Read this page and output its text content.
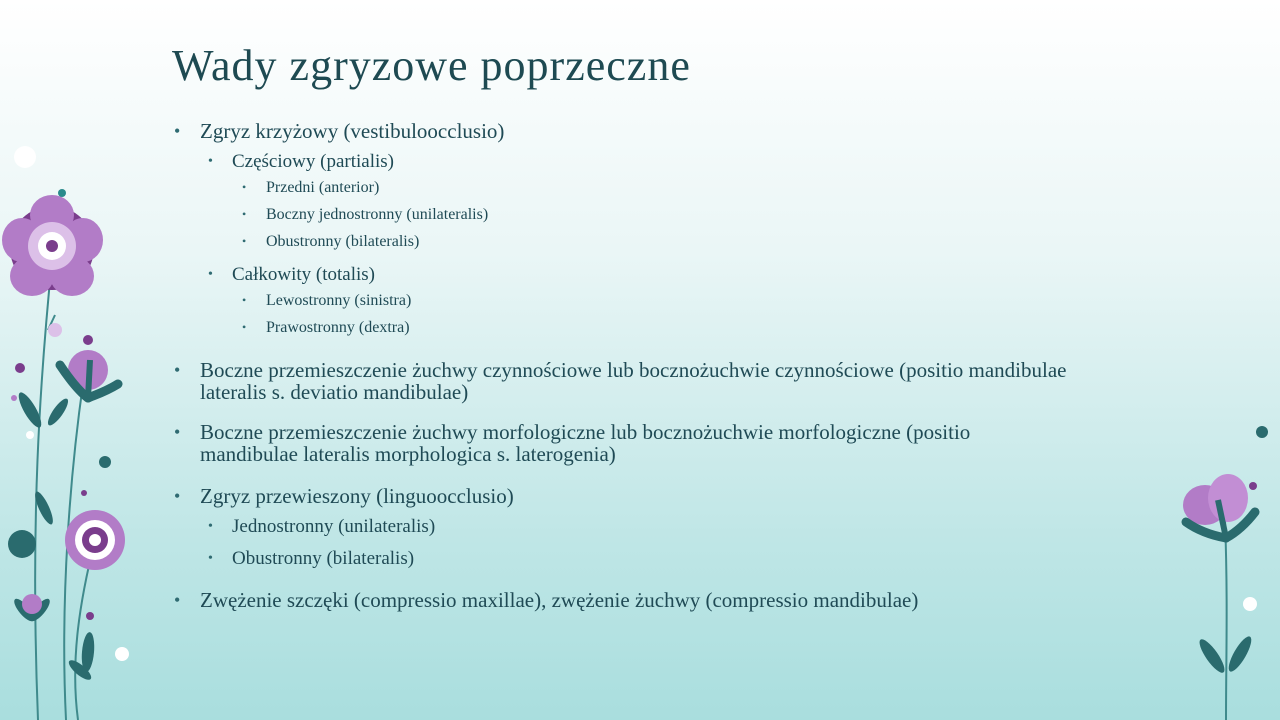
Wady zgryzowe poprzeczne
• Zgryz krzyżowy (vestibuloocclusio)
• Częściowy (partialis)
• Przedni (anterior)
• Boczny jednostronny (unilateralis)
• Obustronny (bilateralis)
• Całkowity (totalis)
• Lewostronny (sinistra)
• Prawostronny (dextra)
• Boczne przemieszczenie żuchwy czynnościowe lub bocznożuchwie czynnościowe (positio mandibulae lateralis s. deviatio mandibulae)
• Boczne przemieszczenie żuchwy morfologiczne lub bocznożuchwie morfologiczne (positio mandibulae lateralis morphologica s. laterogenia)
• Zgryz przewieszony (linguoocclusio)
• Jednostronny (unilateralis)
• Obustronny (bilateralis)
• Zwężenie szczęki (compressio maxillae), zwężenie żuchwy (compressio mandibulae)
